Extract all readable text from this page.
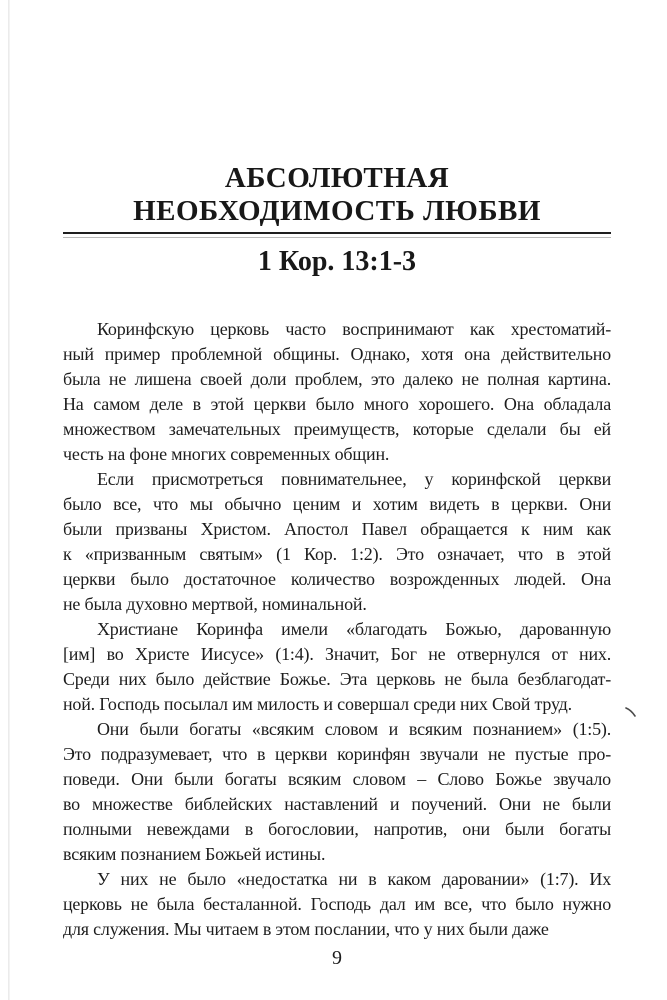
АБСОЛЮТНАЯ
НЕОБХОДИМОСТЬ ЛЮБВИ
1 Кор. 13:1-3
Коринфскую церковь часто воспринимают как хрестоматий-
ный пример проблемной общины. Однако, хотя она действительно
была не лишена своей доли проблем, это далеко не полная картина.
На самом деле в этой церкви было много хорошего. Она обладала
множеством замечательных преимуществ, которые сделали бы ей
честь на фоне многих современных общин.
Если присмотреться повнимательнее, у коринфской церкви
было все, что мы обычно ценим и хотим видеть в церкви. Они
были призваны Христом. Апостол Павел обращается к ним как
к «призванным святым» (1 Кор. 1:2). Это означает, что в этой
церкви было достаточное количество возрожденных людей. Она
не была духовно мертвой, номинальной.
Христиане Коринфа имели «благодать Божью, дарованную
[им] во Христе Иисусе» (1:4). Значит, Бог не отвернулся от них.
Среди них было действие Божье. Эта церковь не была безблагодат-
ной. Господь посылал им милость и совершал среди них Свой труд.
Они были богаты «всяким словом и всяким познанием» (1:5).
Это подразумевает, что в церкви коринфян звучали не пустые про-
поведи. Они были богаты всяким словом – Слово Божье звучало
во множестве библейских наставлений и поучений. Они не были
полными невеждами в богословии, напротив, они были богаты
всяким познанием Божьей истины.
У них не было «недостатка ни в каком даровании» (1:7). Их
церковь не была бесталанной. Господь дал им все, что было нужно
для служения. Мы читаем в этом послании, что у них были даже
9
